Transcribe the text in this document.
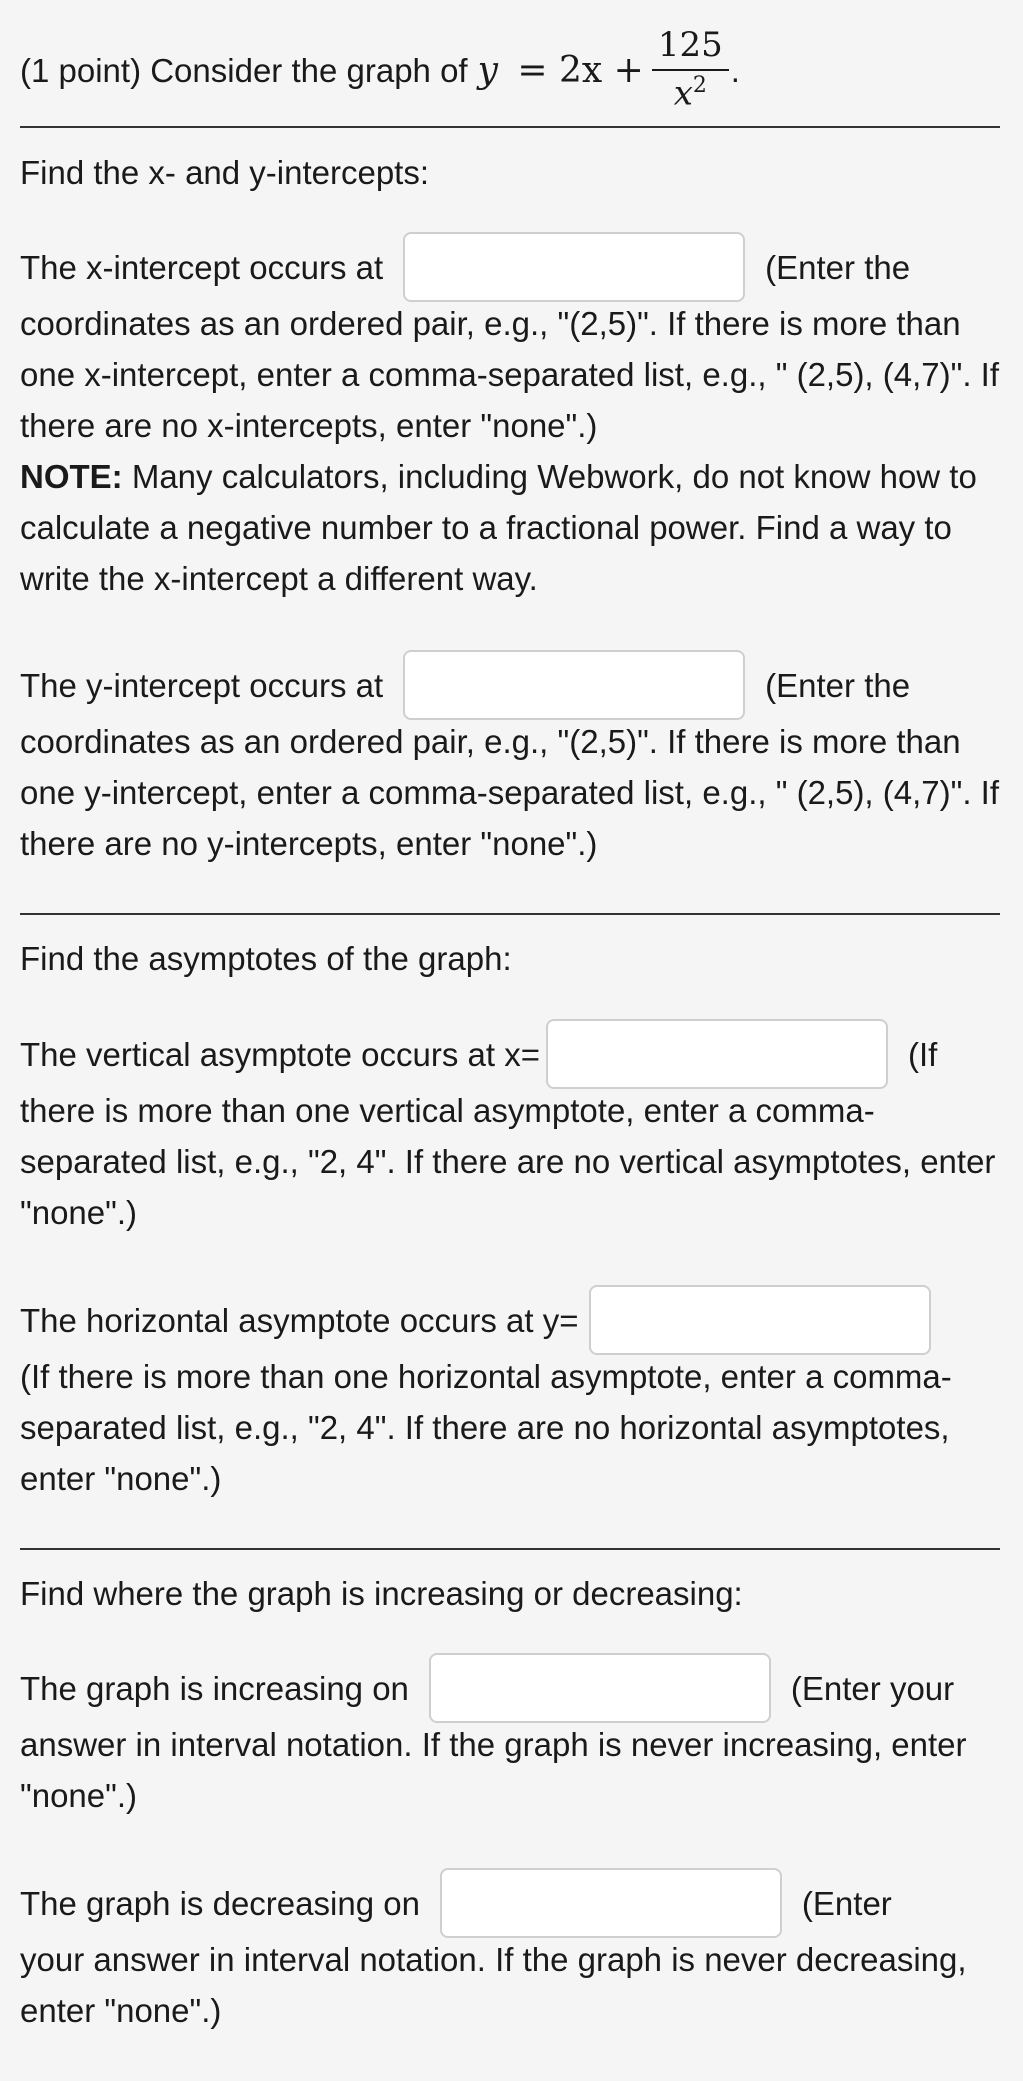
(1 point) Consider the graph of $y = 2x + \frac{125}{x^2}$ .
Find the x- and y-intercepts:
The x-intercept occurs at	(Enter the
coordinates as an ordered pair, e.g., "(2,5)". If there is more than one x-intercept, enter a comma-separated list, e.g., " (2,5), (4,7)". If there are no x-intercepts, enter "none".)
NOTE: Many calculators, including Webwork, do not know how to calculate a negative number to a fractional power. Find a way to write the x-intercept a different way.
The y-intercept occurs at	(Enter the
coordinates as an ordered pair, e.g., "(2,5)". If there is more than one y-intercept, enter a comma-separated list, e.g., " (2,5), (4,7)". If there are no y-intercepts, enter "none".)
Find the asymptotes of the graph:
The vertical asymptote occurs at x=	(If
there is more than one vertical asymptote, enter a comma-separated list, e.g., "2, 4". If there are no vertical asymptotes, enter "none".)
The horizontal asymptote occurs at y=
(If there is more than one horizontal asymptote, enter a comma-separated list, e.g., "2, 4". If there are no horizontal asymptotes, enter "none".)
Find where the graph is increasing or decreasing:
The graph is increasing on	(Enter your
answer in interval notation. If the graph is never increasing, enter "none".)
The graph is decreasing on	(Enter
your answer in interval notation. If the graph is never decreasing, enter "none".)
